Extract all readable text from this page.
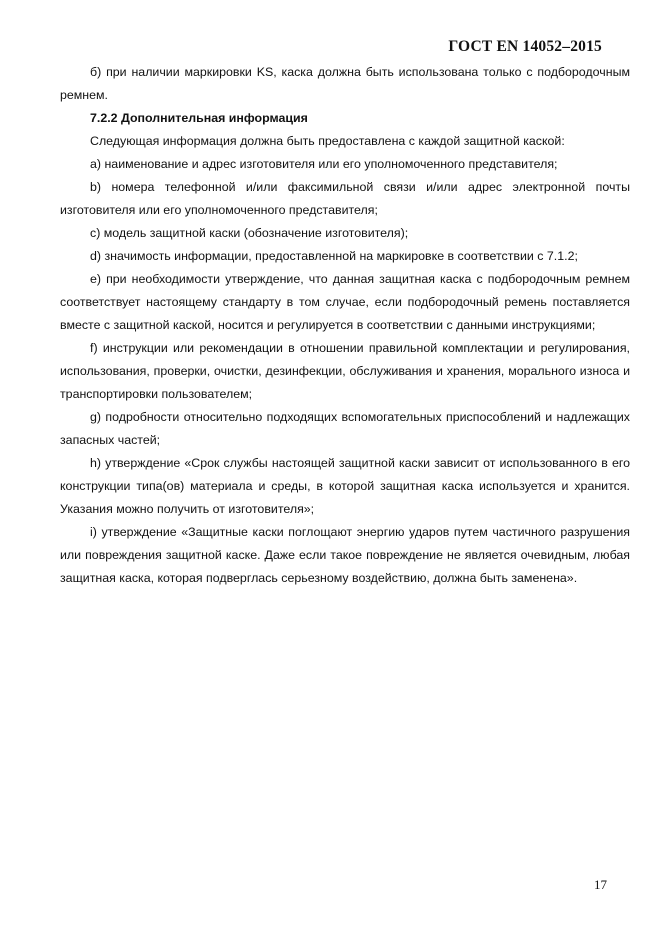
ГОСТ EN 14052–2015

б) при наличии маркировки KS, каска должна быть использована только с подбородочным ремнем.

7.2.2 Дополнительная информация

Следующая информация должна быть предоставлена с каждой защитной каской:

а) наименование и адрес изготовителя или его уполномоченного представителя;

b) номера телефонной и/или факсимильной связи и/или адрес электронной почты изготовителя или его уполномоченного представителя;

с) модель защитной каски (обозначение изготовителя);

d) значимость информации, предоставленной на маркировке в соответствии с 7.1.2;

е) при необходимости утверждение, что данная защитная каска с подбородочным ремнем соответствует настоящему стандарту в том случае, если подбородочный ремень поставляется вместе с защитной каской, носится и регулируется в соответствии с данными инструкциями;

f) инструкции или рекомендации в отношении правильной комплектации и регулирования, использования, проверки, очистки, дезинфекции, обслуживания и хранения, морального износа и транспортировки пользователем;

g) подробности относительно подходящих вспомогательных приспособлений и надлежащих запасных частей;

h) утверждение «Срок службы настоящей защитной каски зависит от использованного в его конструкции типа(ов) материала и среды, в которой защитная каска используется и хранится. Указания можно получить от изготовителя»;

i) утверждение «Защитные каски поглощают энергию ударов путем частичного разрушения или повреждения защитной каске. Даже если такое повреждение не является очевидным, любая защитная каска, которая подверглась серьезному воздействию, должна быть заменена».

17
